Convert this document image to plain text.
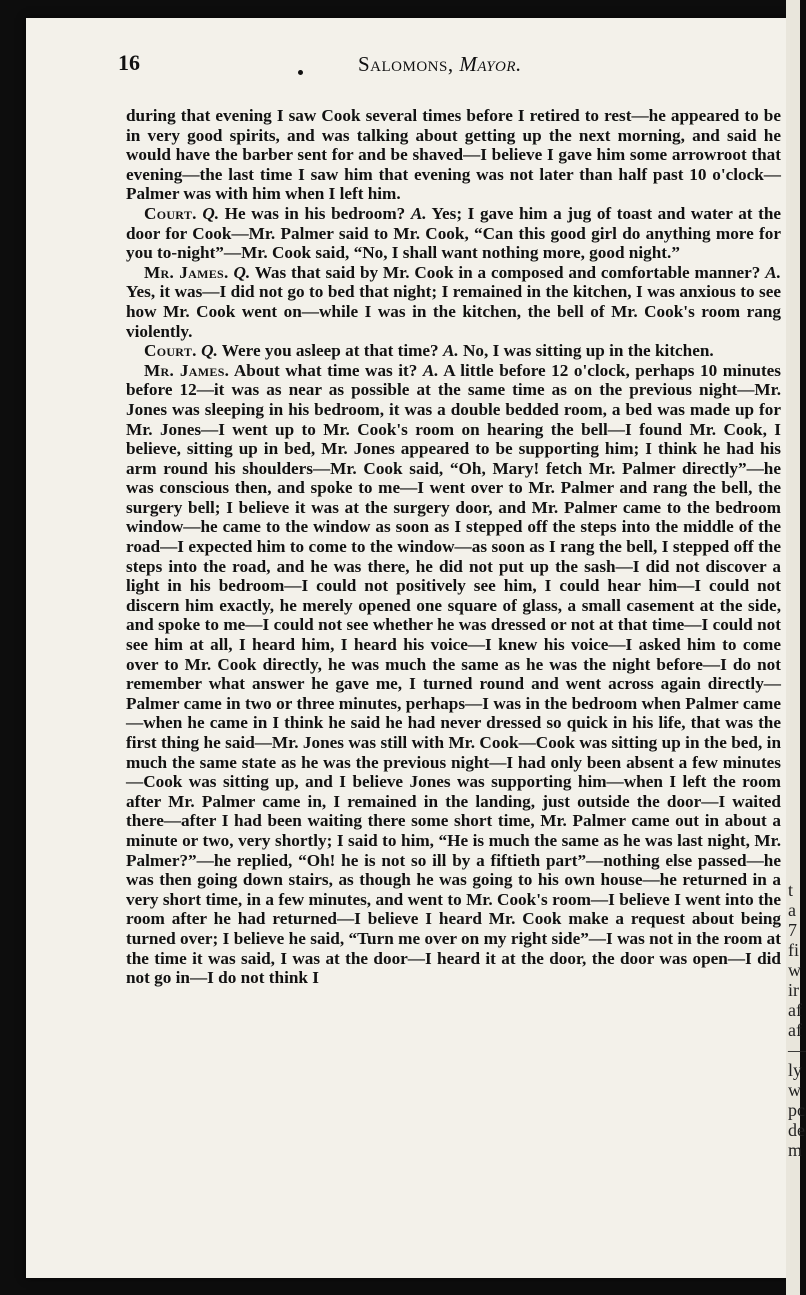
16	Salomons, Mayor.

during that evening I saw Cook several times before I retired to rest—he appeared to be in very good spirits, and was talking about getting up the next morning, and said he would have the barber sent for and be shaved—I believe I gave him some arrowroot that evening—the last time I saw him that evening was not later than half past 10 o'clock—Palmer was with him when I left him.

Court. Q. He was in his bedroom? A. Yes; I gave him a jug of toast and water at the door for Cook—Mr. Palmer said to Mr. Cook, “Can this good girl do anything more for you to-night”—Mr. Cook said, “No, I shall want nothing more, good night.”

Mr. James. Q. Was that said by Mr. Cook in a composed and comfortable manner? A. Yes, it was—I did not go to bed that night; I remained in the kitchen, I was anxious to see how Mr. Cook went on—while I was in the kitchen, the bell of Mr. Cook's room rang violently.

Court. Q. Were you asleep at that time? A. No, I was sitting up in the kitchen.

Mr. James. About what time was it? A. A little before 12 o'clock, perhaps 10 minutes before 12—it was as near as possible at the same time as on the previous night—Mr. Jones was sleeping in his bedroom, it was a double bedded room, a bed was made up for Mr. Jones—I went up to Mr. Cook's room on hearing the bell—I found Mr. Cook, I believe, sitting up in bed, Mr. Jones appeared to be supporting him; I think he had his arm round his shoulders—Mr. Cook said, “Oh, Mary! fetch Mr. Palmer directly”—he was conscious then, and spoke to me—I went over to Mr. Palmer and rang the bell, the surgery bell; I believe it was at the surgery door, and Mr. Palmer came to the bedroom window—he came to the window as soon as I stepped off the steps into the middle of the road—I expected him to come to the window—as soon as I rang the bell, I stepped off the steps into the road, and he was there, he did not put up the sash—I did not discover a light in his bedroom—I could not positively see him, I could hear him—I could not discern him exactly, he merely opened one square of glass, a small casement at the side, and spoke to me—I could not see whether he was dressed or not at that time—I could not see him at all, I heard him, I heard his voice—I knew his voice—I asked him to come over to Mr. Cook directly, he was much the same as he was the night before—I do not remember what answer he gave me, I turned round and went across again directly—Palmer came in two or three minutes, perhaps—I was in the bedroom when Palmer came—when he came in I think he said he had never dressed so quick in his life, that was the first thing he said—Mr. Jones was still with Mr. Cook—Cook was sitting up in the bed, in much the same state as he was the previous night—I had only been absent a few minutes—Cook was sitting up, and I believe Jones was supporting him—when I left the room after Mr. Palmer came in, I remained in the landing, just outside the door—I waited there—after I had been waiting there some short time, Mr. Palmer came out in about a minute or two, very shortly; I said to him, “He is much the same as he was last night, Mr. Palmer?”—he replied, “Oh! he is not so ill by a fiftieth part”—nothing else passed—he was then going down stairs, as though he was going to his own house—he returned in a very short time, in a few minutes, and went to Mr. Cook's room—I believe I went into the room after he had returned—I believe I heard Mr. Cook make a request about being turned over; I believe he said, “Turn me over on my right side”—I was not in the room at the time it was said, I was at the door—I heard it at the door, the door was open—I did not go in—I do not think I

t
a
7
fi
w
ir
af
af
—
ly
w
pc
de
m
